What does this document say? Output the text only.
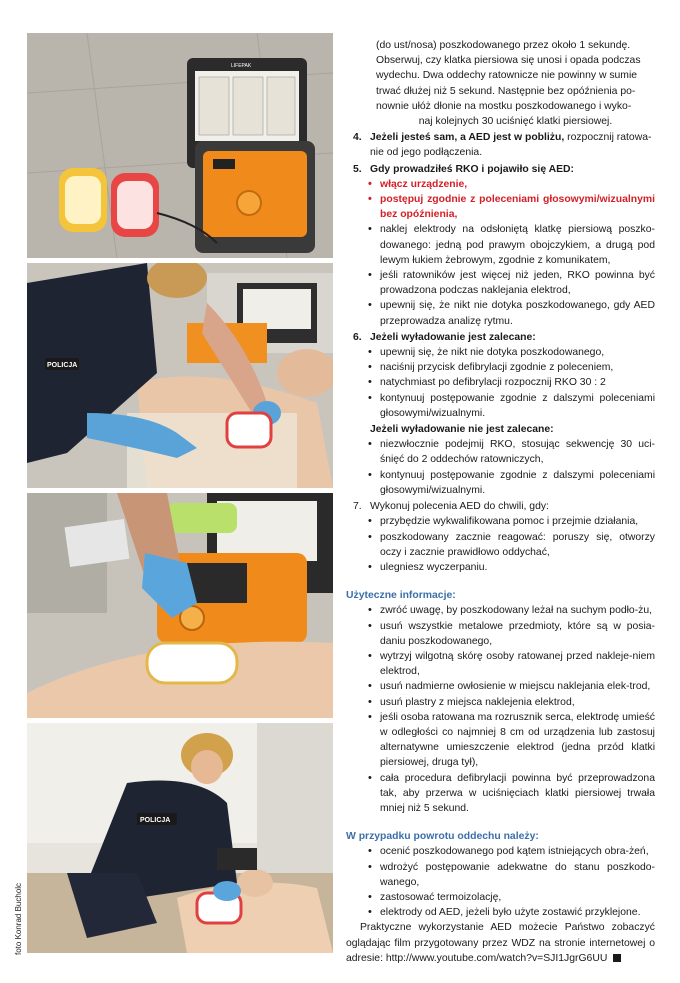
LIFEPAK
POLICJA
POLICJA
foto Konrad Bucholc
(do ust/nosa) poszkodowanego przez około 1 sekundę.
Obserwuj, czy klatka piersiowa się unosi i opada podczas
wydechu. Dwa oddechy ratownicze nie powinny w sumie
trwać dłużej niż 5 sekund. Następnie bez opóźnienia po-
nownie ułóż dłonie na mostku poszkodowanego i wyko-
naj kolejnych 30 uciśnięć klatki piersiowej.
4. Jeżeli jesteś sam, a AED jest w pobliżu, rozpocznij ratowa-
nie od jego podłączenia.
5. Gdy prowadziłeś RKO i pojawiło się AED:
• włącz urządzenie,
• postępuj zgodnie z poleceniami głosowymi/wizualnymi bez opóźnienia,
• naklej elektrody na odsłoniętą klatkę piersiową poszko-dowanego: jedną pod prawym obojczykiem, a drugą pod lewym łukiem żebrowym, zgodnie z komunikatem,
• jeśli ratowników jest więcej niż jeden, RKO powinna być prowadzona podczas naklejania elektrod,
• upewnij się, że nikt nie dotyka poszkodowanego, gdy AED przeprowadza analizę rytmu.
6. Jeżeli wyładowanie jest zalecane:
• upewnij się, że nikt nie dotyka poszkodowanego,
• naciśnij przycisk defibrylacji zgodnie z poleceniem,
• natychmiast po defibrylacji rozpocznij RKO 30 : 2
• kontynuuj postępowanie zgodnie z dalszymi poleceniami głosowymi/wizualnymi.
Jeżeli wyładowanie nie jest zalecane:
• niezwłocznie podejmij RKO, stosując sekwencję 30 uci-śnięć do 2 oddechów ratowniczych,
• kontynuuj postępowanie zgodnie z dalszymi poleceniami głosowymi/wizualnymi.
7. Wykonuj polecenia AED do chwili, gdy:
• przybędzie wykwalifikowana pomoc i przejmie działania,
• poszkodowany zacznie reagować: poruszy się, otworzy oczy i zacznie prawidłowo oddychać,
• ulegniesz wyczerpaniu.
Użyteczne informacje:
• zwróć uwagę, by poszkodowany leżał na suchym podło-żu,
• usuń wszystkie metalowe przedmioty, które są w posia-daniu poszkodowanego,
• wytrzyj wilgotną skórę osoby ratowanej przed nakleje-niem elektrod,
• usuń nadmierne owłosienie w miejscu naklejania elek-trod,
• usuń plastry z miejsca naklejenia elektrod,
• jeśli osoba ratowana ma rozrusznik serca, elektrodę umieść w odległości co najmniej 8 cm od urządzenia lub zastosuj alternatywne umieszczenie elektrod (jedna przód klatki piersiowej, druga tył),
• cała procedura defibrylacji powinna być przeprowadzona tak, aby przerwa w uciśnięciach klatki piersiowej trwała mniej niż 5 sekund.
W przypadku powrotu oddechu należy:
• ocenić poszkodowanego pod kątem istniejących obra-żeń,
• wdrożyć postępowanie adekwatne do stanu poszkodo-wanego,
• zastosować termoizolację,
• elektrody od AED, jeżeli było użyte zostawić przyklejone.
Praktyczne wykorzystanie AED możecie Państwo zobaczyć oglądając film przygotowany przez WDZ na stronie internetowej o adresie: http://www.youtube.com/watch?v=SJI1JgrG6UU
